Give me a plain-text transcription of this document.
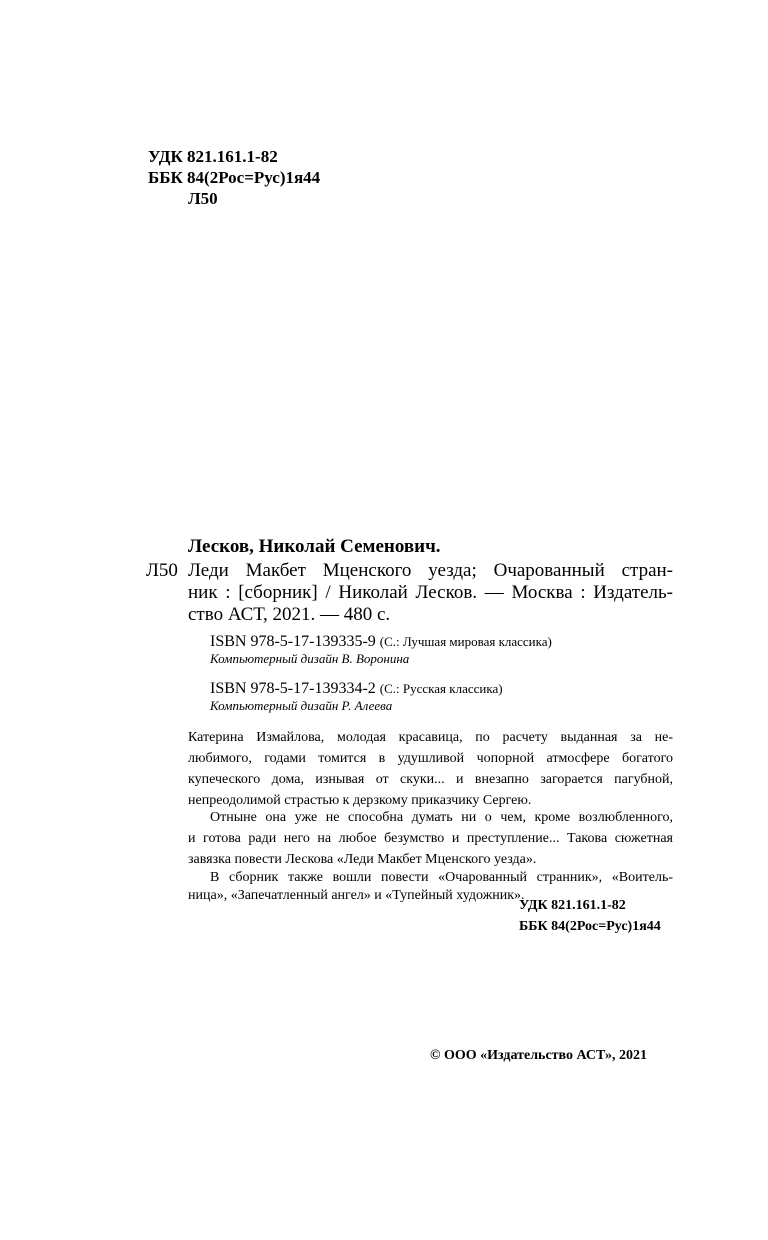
УДК 821.161.1-82
ББК 84(2Рос=Рус)1я44
Л50
Лесков, Николай Семенович.
Л50 Леди Макбет Мценского уезда; Очарованный стран-
ник : [сборник] / Николай Лесков. — Москва : Издатель-
ство АСТ, 2021. — 480 с.
ISBN 978-5-17-139335-9 (С.: Лучшая мировая классика)
Компьютерный дизайн В. Воронина
ISBN 978-5-17-139334-2 (С.: Русская классика)
Компьютерный дизайн Р. Алеева
Катерина Измайлова, молодая красавица, по расчету выданная за не-
любимого, годами томится в удушливой чопорной атмосфере богатого
купеческого дома, изнывая от скуки... и внезапно загорается пагубной,
непреодолимой страстью к дерзкому приказчику Сергею.
Отныне она уже не способна думать ни о чем, кроме возлюбленного,
и готова ради него на любое безумство и преступление... Такова сюжетная
завязка повести Лескова «Леди Макбет Мценского уезда».
В сборник также вошли повести «Очарованный странник», «Воитель-
ница», «Запечатленный ангел» и «Тупейный художник».
УДК 821.161.1-82
ББК 84(2Рос=Рус)1я44
© ООО «Издательство АСТ», 2021
